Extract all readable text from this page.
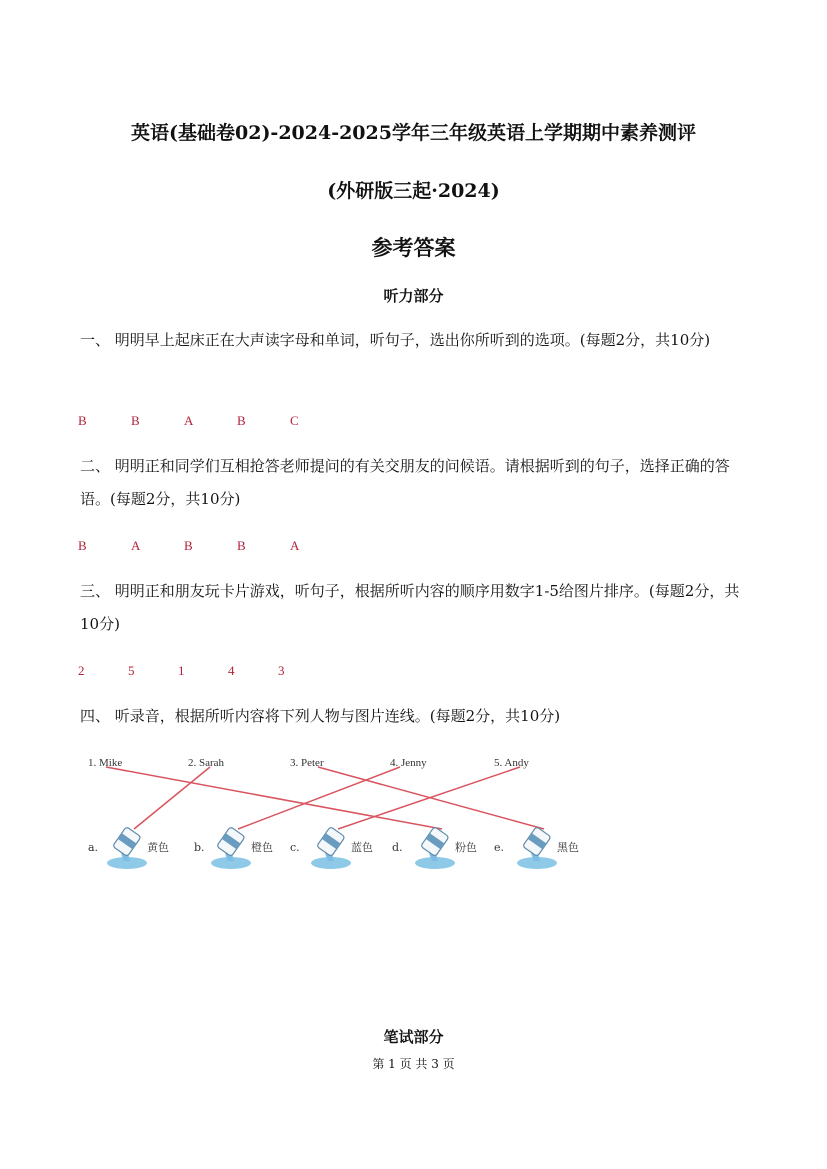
英语(基础卷02)-2024-2025学年三年级英语上学期期中素养测评
(外研版三起·2024)
参考答案
听力部分
一、 明明早上起床正在大声读字母和单词，听句子，选出你所听到的选项。(每题2分，共10分)
B	B	A	B	C
二、 明明正和同学们互相抢答老师提问的有关交朋友的问候语。请根据听到的句子，选择正确的答语。(每题2分，共10分)
B	A	B	B	A
三、 明明正和朋友玩卡片游戏，听句子，根据所听内容的顺序用数字1-5给图片排序。(每题2分，共10分)
2	5	1	4	3
四、 听录音，根据所听内容将下列人物与图片连线。(每题2分，共10分)
1. Mike	2. Sarah	3. Peter	4. Jenny	5. Andy
a.	黄色 b.	橙色 c.	蓝色 d.	粉色 e.	黑色
笔试部分
第 1 页 共 3 页
